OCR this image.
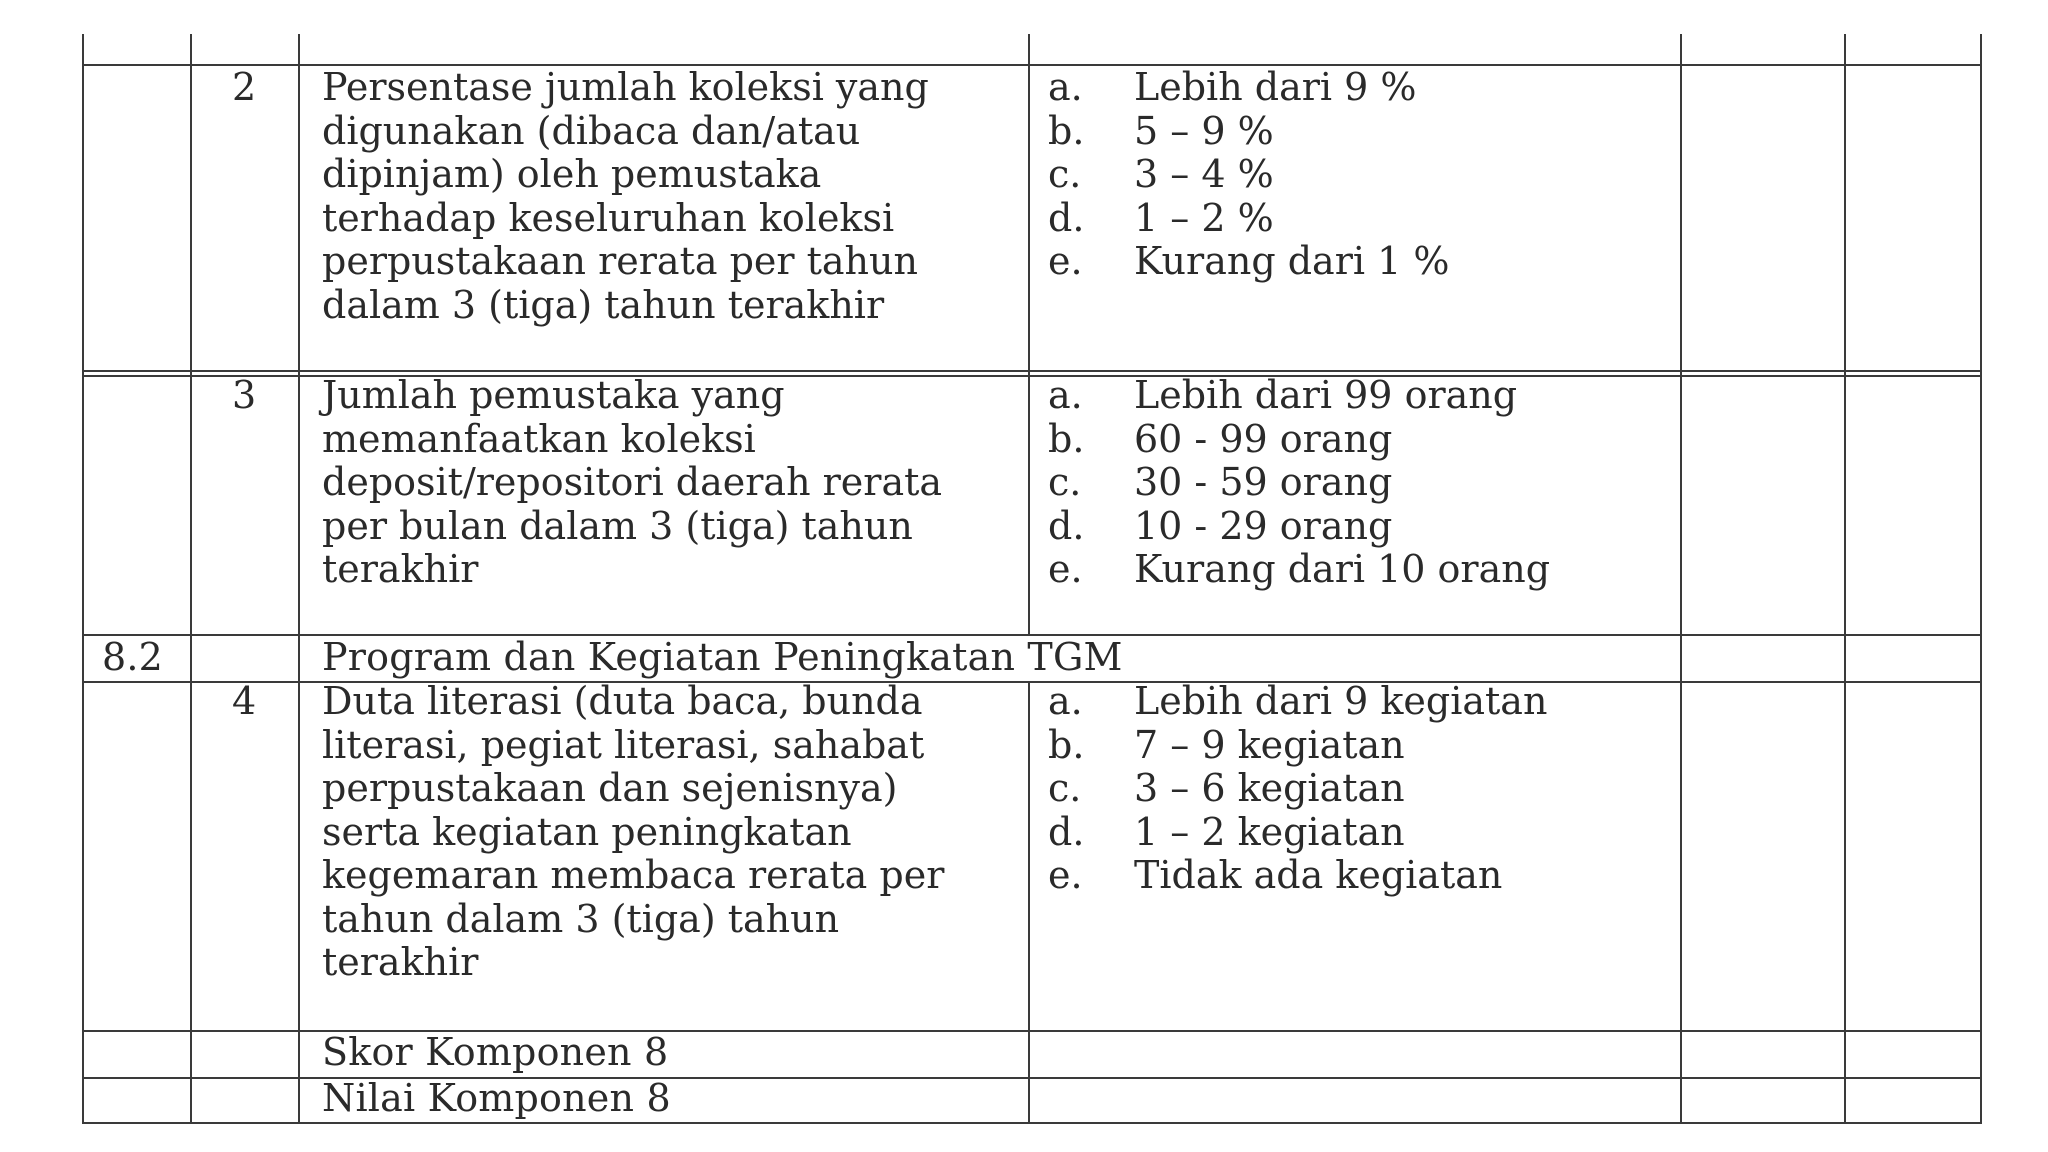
2 Persentase jumlah koleksi yang
digunakan (dibaca dan/atau
dipinjam) oleh pemustaka
terhadap keseluruhan koleksi
perpustakaan rerata per tahun
dalam 3 (tiga) tahun terakhir
a. Lebih dari 9 %
b. 5 – 9 %
c. 3 – 4 %
d. 1 – 2 %
e. Kurang dari 1 %
3 Jumlah pemustaka yang
memanfaatkan koleksi
deposit/repositori daerah rerata
per bulan dalam 3 (tiga) tahun
terakhir
a. Lebih dari 99 orang
b. 60 - 99 orang
c. 30 - 59 orang
d. 10 - 29 orang
e. Kurang dari 10 orang
8.2	Program dan Kegiatan Peningkatan TGM
4 Duta literasi (duta baca, bunda
literasi, pegiat literasi, sahabat
perpustakaan dan sejenisnya)
serta kegiatan peningkatan
kegemaran membaca rerata per
tahun dalam 3 (tiga) tahun
terakhir
a. Lebih dari 9 kegiatan
b. 7 – 9 kegiatan
c. 3 – 6 kegiatan
d. 1 – 2 kegiatan
e. Tidak ada kegiatan
Skor Komponen 8
Nilai Komponen 8
